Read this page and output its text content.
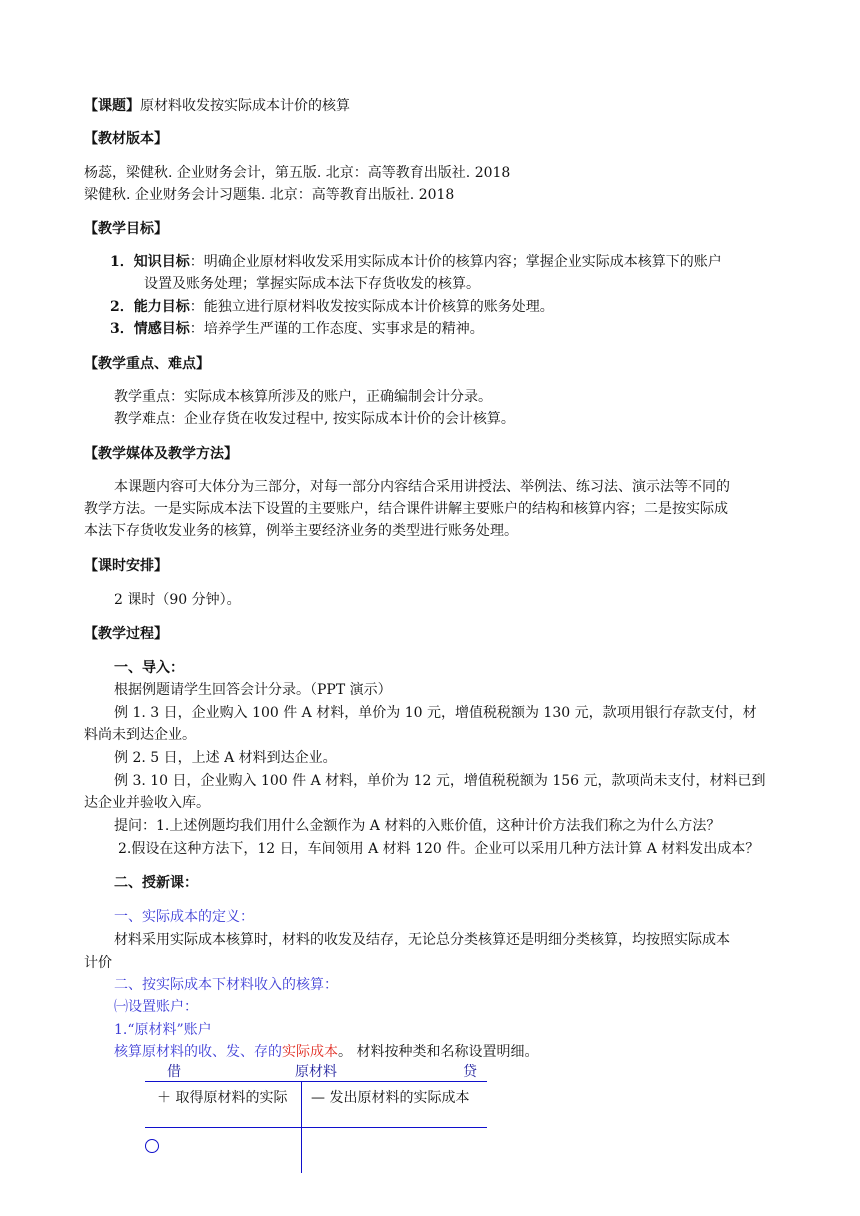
【课题】原材料收发按实际成本计价的核算
【教材版本】
杨蕊，梁健秋. 企业财务会计，第五版. 北京：高等教育出版社. 2018
梁健秋. 企业财务会计习题集. 北京：高等教育出版社. 2018
【教学目标】
1．知识目标：明确企业原材料收发采用实际成本计价的核算内容；掌握企业实际成本核算下的账户
设置及账务处理；掌握实际成本法下存货收发的核算。
2．能力目标：能独立进行原材料收发按实际成本计价核算的账务处理。
3．情感目标：培养学生严谨的工作态度、实事求是的精神。
【教学重点、难点】
教学重点：实际成本核算所涉及的账户，正确编制会计分录。
教学难点：企业存货在收发过程中, 按实际成本计价的会计核算。
【教学媒体及教学方法】
本课题内容可大体分为三部分，对每一部分内容结合采用讲授法、举例法、练习法、演示法等不同的
教学方法。一是实际成本法下设置的主要账户，结合课件讲解主要账户的结构和核算内容；二是按实际成
本法下存货收发业务的核算，例举主要经济业务的类型进行账务处理。
【课时安排】
2 课时（90 分钟）。
【教学过程】
一、导入：
根据例题请学生回答会计分录。（PPT 演示）
例 1. 3 日，企业购入 100 件 A 材料，单价为 10 元，增值税税额为 130 元，款项用银行存款支付，材
料尚未到达企业。
例 2. 5 日，上述 A 材料到达企业。
例 3. 10 日，企业购入 100 件 A 材料，单价为 12 元，增值税税额为 156 元，款项尚未支付，材料已到
达企业并验收入库。
提问：1.上述例题均我们用什么金额作为 A 材料的入账价值，这种计价方法我们称之为什么方法？
2.假设在这种方法下，12 日，车间领用 A 材料 120 件。企业可以采用几种方法计算 A 材料发出成本？
二、授新课：
一、实际成本的定义：
材料采用实际成本核算时，材料的收发及结存，无论总分类核算还是明细分类核算，均按照实际成本
计价
二、按实际成本下材料收入的核算：
㈠设置账户：
1.“原材料”账户
核算原材料的收、发、存的实际成本。 材料按种类和名称设置明细。
借	原材料	贷
＋ 取得原材料的实际 — 发出原材料的实际成本
